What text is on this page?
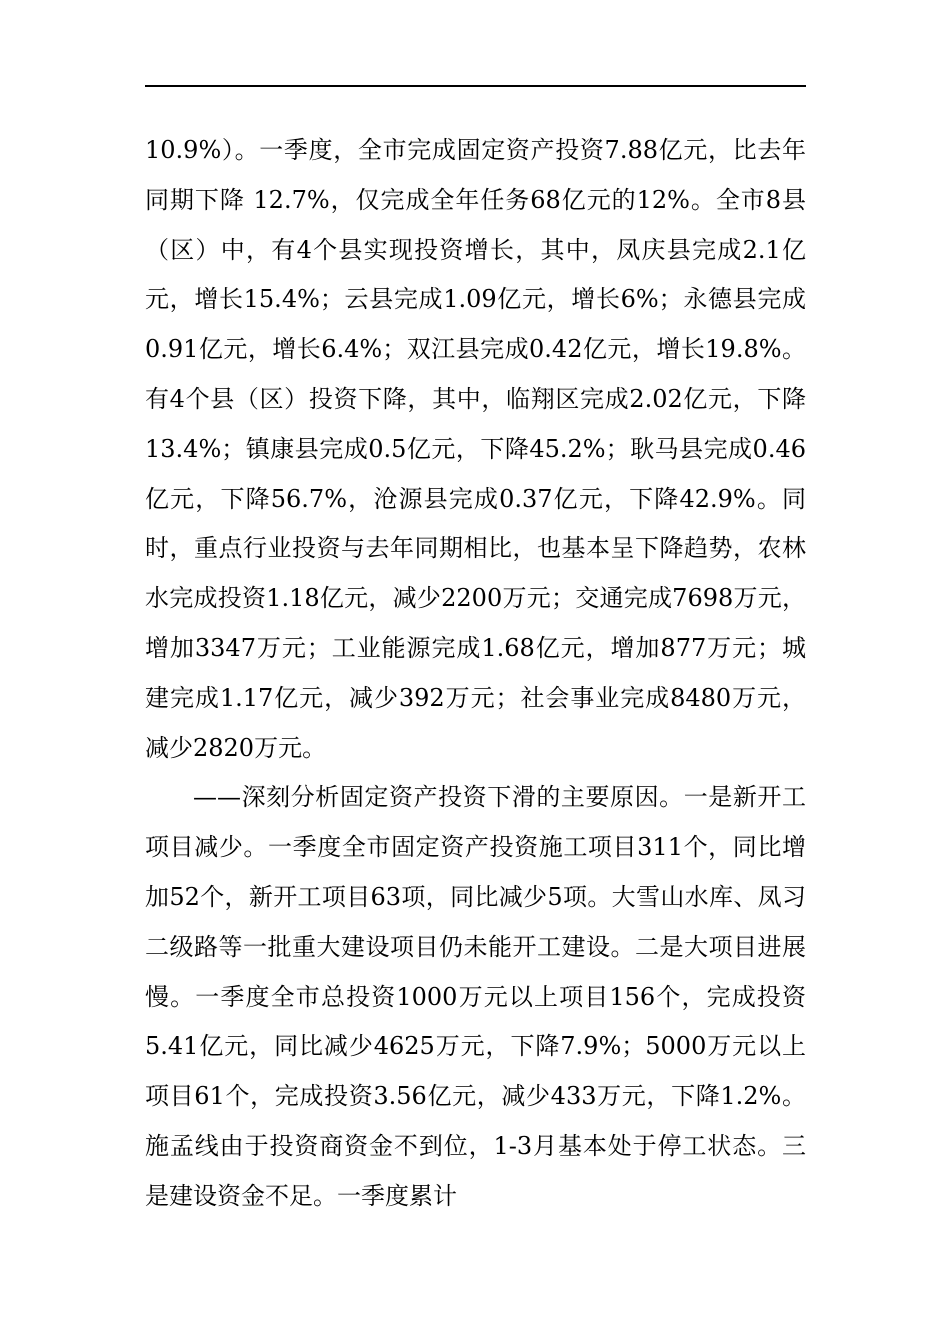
10.9%）。一季度，全市完成固定资产投资7.88亿元，比去年同期下降 12.7%，仅完成全年任务68亿元的12%。全市8县（区）中，有4个县实现投资增长，其中，凤庆县完成2.1亿元，增长15.4%；云县完成1.09亿元，增长6%；永德县完成0.91亿元，增长6.4%；双江县完成0.42亿元，增长19.8%。有4个县（区）投资下降，其中，临翔区完成2.02亿元，下降13.4%；镇康县完成0.5亿元，下降45.2%；耿马县完成0.46亿元，下降56.7%，沧源县完成0.37亿元，下降42.9%。同时，重点行业投资与去年同期相比，也基本呈下降趋势，农林水完成投资1.18亿元，减少2200万元；交通完成7698万元，增加3347万元；工业能源完成1.68亿元，增加877万元；城建完成1.17亿元，减少392万元；社会事业完成8480万元，减少2820万元。

——深刻分析固定资产投资下滑的主要原因。一是新开工项目减少。一季度全市固定资产投资施工项目311个，同比增加52个，新开工项目63项，同比减少5项。大雪山水库、凤习二级路等一批重大建设项目仍未能开工建设。二是大项目进展慢。一季度全市总投资1000万元以上项目156个，完成投资5.41亿元，同比减少4625万元，下降7.9%；5000万元以上项目61个，完成投资3.56亿元，减少433万元，下降1.2%。施孟线由于投资商资金不到位，1-3月基本处于停工状态。三是建设资金不足。一季度累计
